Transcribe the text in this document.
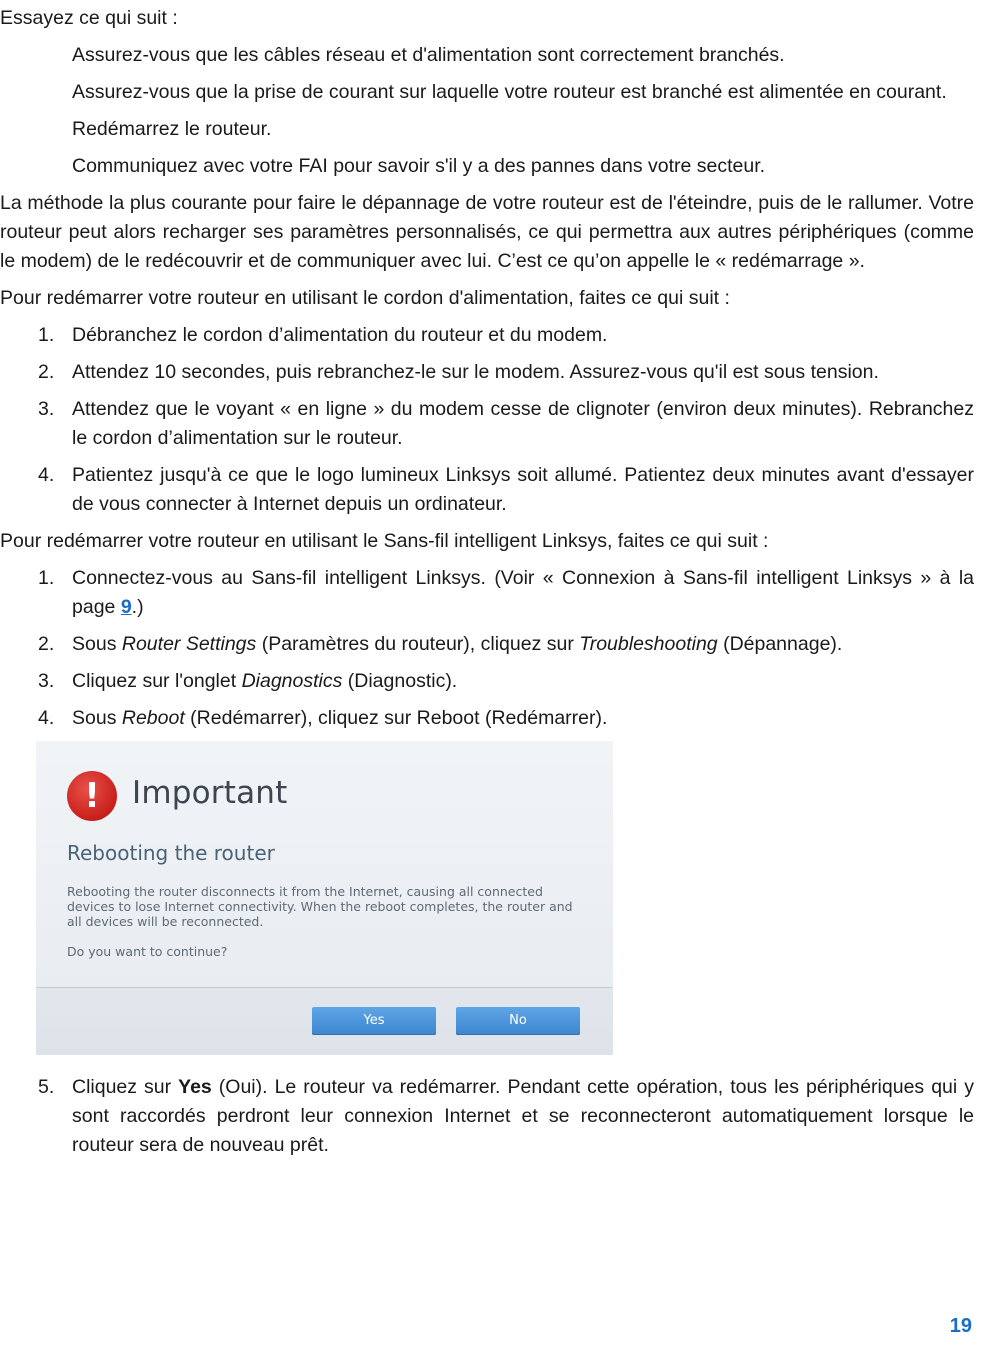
Essayez ce qui suit :

Assurez-vous que les câbles réseau et d'alimentation sont correctement branchés.

Assurez-vous que la prise de courant sur laquelle votre routeur est branché est alimentée en courant.

Redémarrez le routeur.

Communiquez avec votre FAI pour savoir s'il y a des pannes dans votre secteur.

La méthode la plus courante pour faire le dépannage de votre routeur est de l'éteindre, puis de le rallumer. Votre routeur peut alors recharger ses paramètres personnalisés, ce qui permettra aux autres périphériques (comme le modem) de le redécouvrir et de communiquer avec lui. C’est ce qu’on appelle le « redémarrage ».

Pour redémarrer votre routeur en utilisant le cordon d'alimentation, faites ce qui suit :

1. Débranchez le cordon d’alimentation du routeur et du modem.
2. Attendez 10 secondes, puis rebranchez-le sur le modem. Assurez-vous qu'il est sous tension.
3. Attendez que le voyant « en ligne » du modem cesse de clignoter (environ deux minutes). Rebranchez le cordon d’alimentation sur le routeur.
4. Patientez jusqu'à ce que le logo lumineux Linksys soit allumé. Patientez deux minutes avant d'essayer de vous connecter à Internet depuis un ordinateur.

Pour redémarrer votre routeur en utilisant le Sans-fil intelligent Linksys, faites ce qui suit :

1. Connectez-vous au Sans-fil intelligent Linksys. (Voir « Connexion à Sans-fil intelligent Linksys » à la page 9.)
2. Sous Router Settings (Paramètres du routeur), cliquez sur Troubleshooting (Dépannage).
3. Cliquez sur l'onglet Diagnostics (Diagnostic).
4. Sous Reboot (Redémarrer), cliquez sur Reboot (Redémarrer).
!	Important
Rebooting the router
Rebooting the router disconnects it from the Internet, causing all connected devices to lose Internet connectivity. When the reboot completes, the router and all devices will be reconnected.
Do you want to continue?
Yes	No
5. Cliquez sur Yes (Oui). Le routeur va redémarrer. Pendant cette opération, tous les périphériques qui y sont raccordés perdront leur connexion Internet et se reconnecteront automatiquement lorsque le routeur sera de nouveau prêt.
19
